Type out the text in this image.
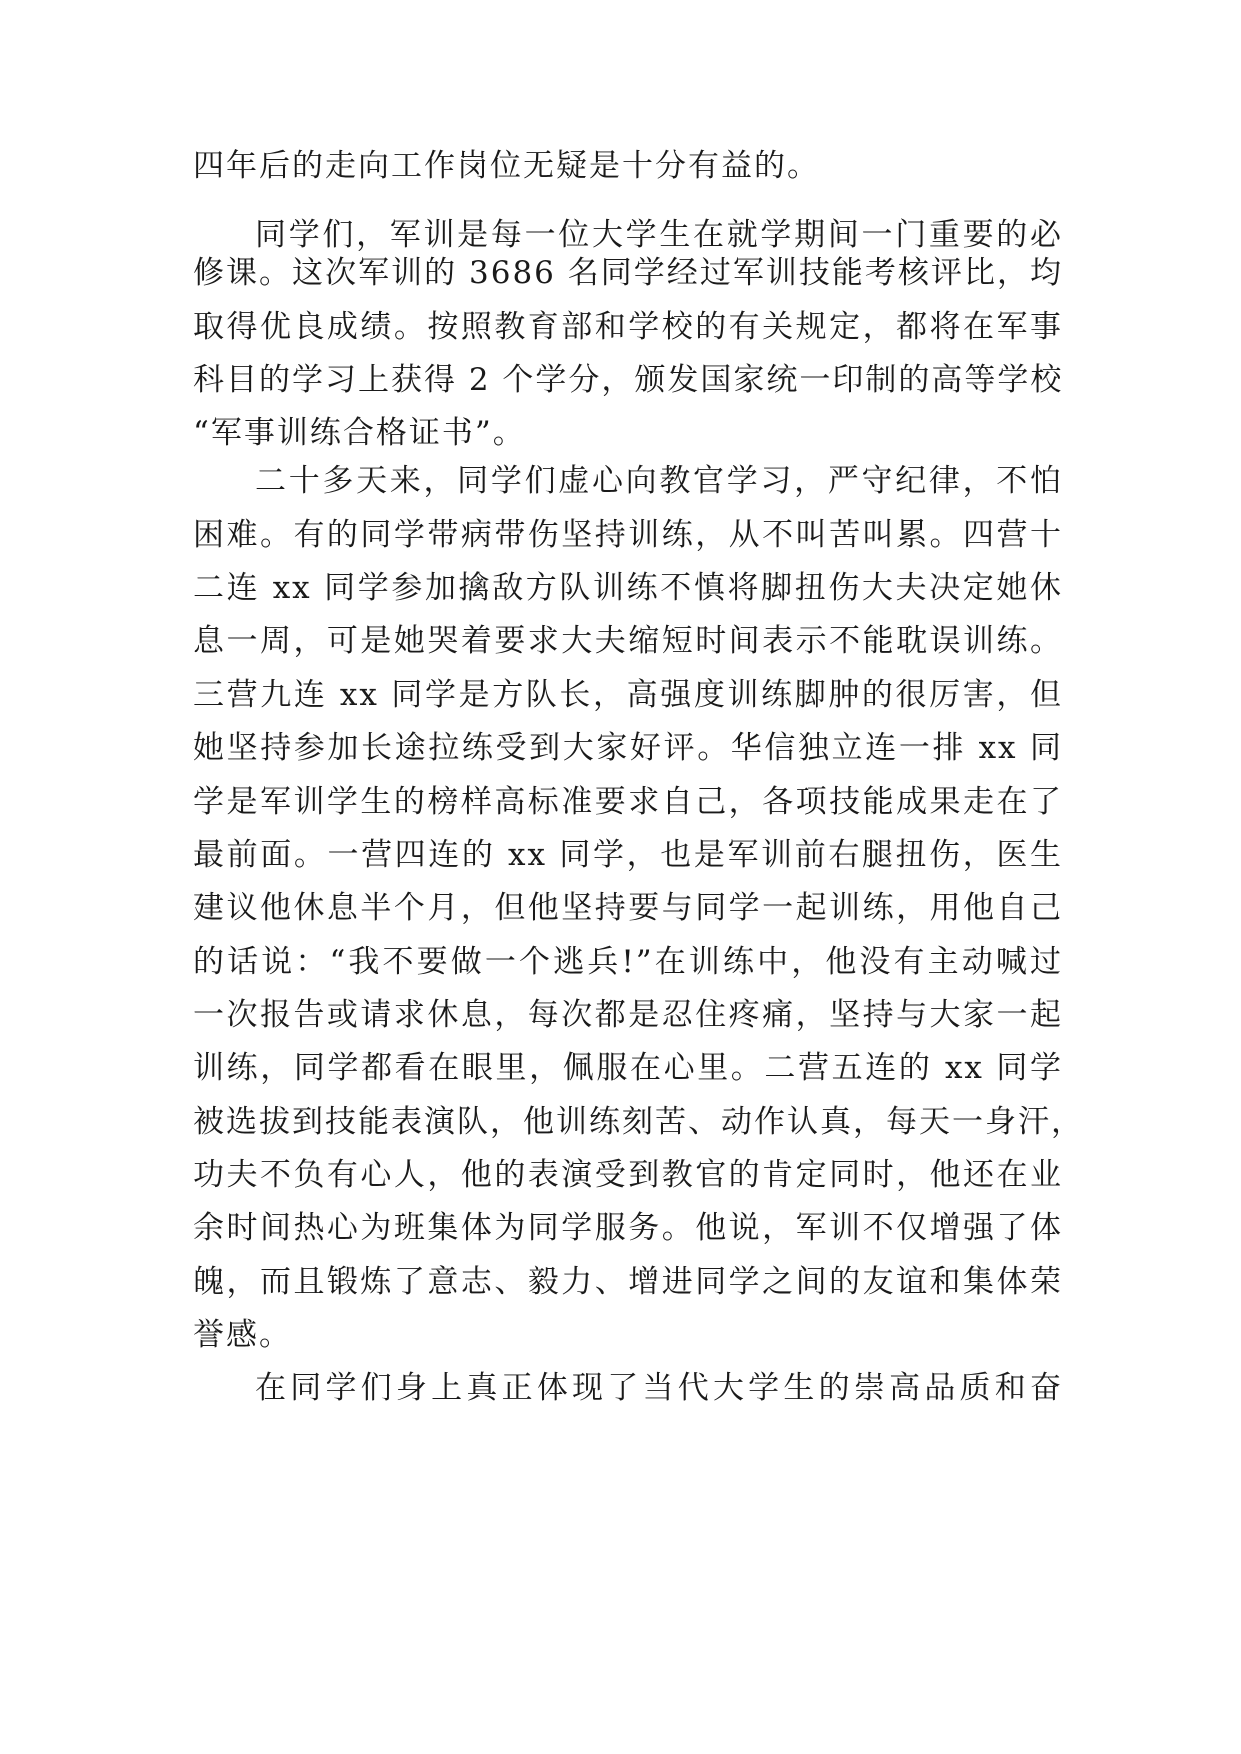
四年后的走向工作岗位无疑是十分有益的。

同学们，军训是每一位大学生在就学期间一门重要的必

修课。这次军训的 3686 名同学经过军训技能考核评比，均

取得优良成绩。按照教育部和学校的有关规定，都将在军事

科目的学习上获得 2 个学分，颁发国家统一印制的高等学校

“军事训练合格证书”。

二十多天来，同学们虚心向教官学习，严守纪律，不怕

困难。有的同学带病带伤坚持训练，从不叫苦叫累。四营十

二连 xx 同学参加擒敌方队训练不慎将脚扭伤大夫决定她休

息一周，可是她哭着要求大夫缩短时间表示不能耽误训练。

三营九连 xx 同学是方队长，高强度训练脚肿的很厉害，但

她坚持参加长途拉练受到大家好评。华信独立连一排 xx 同

学是军训学生的榜样高标准要求自己，各项技能成果走在了

最前面。一营四连的 xx 同学，也是军训前右腿扭伤，医生

建议他休息半个月，但他坚持要与同学一起训练，用他自己

的话说：“我不要做一个逃兵!”在训练中，他没有主动喊过

一次报告或请求休息，每次都是忍住疼痛，坚持与大家一起

训练，同学都看在眼里，佩服在心里。二营五连的 xx 同学

被选拔到技能表演队，他训练刻苦、动作认真，每天一身汗，

功夫不负有心人，他的表演受到教官的肯定同时，他还在业

余时间热心为班集体为同学服务。他说，军训不仅增强了体

魄，而且锻炼了意志、毅力、增进同学之间的友谊和集体荣

誉感。

在同学们身上真正体现了当代大学生的崇高品质和奋
